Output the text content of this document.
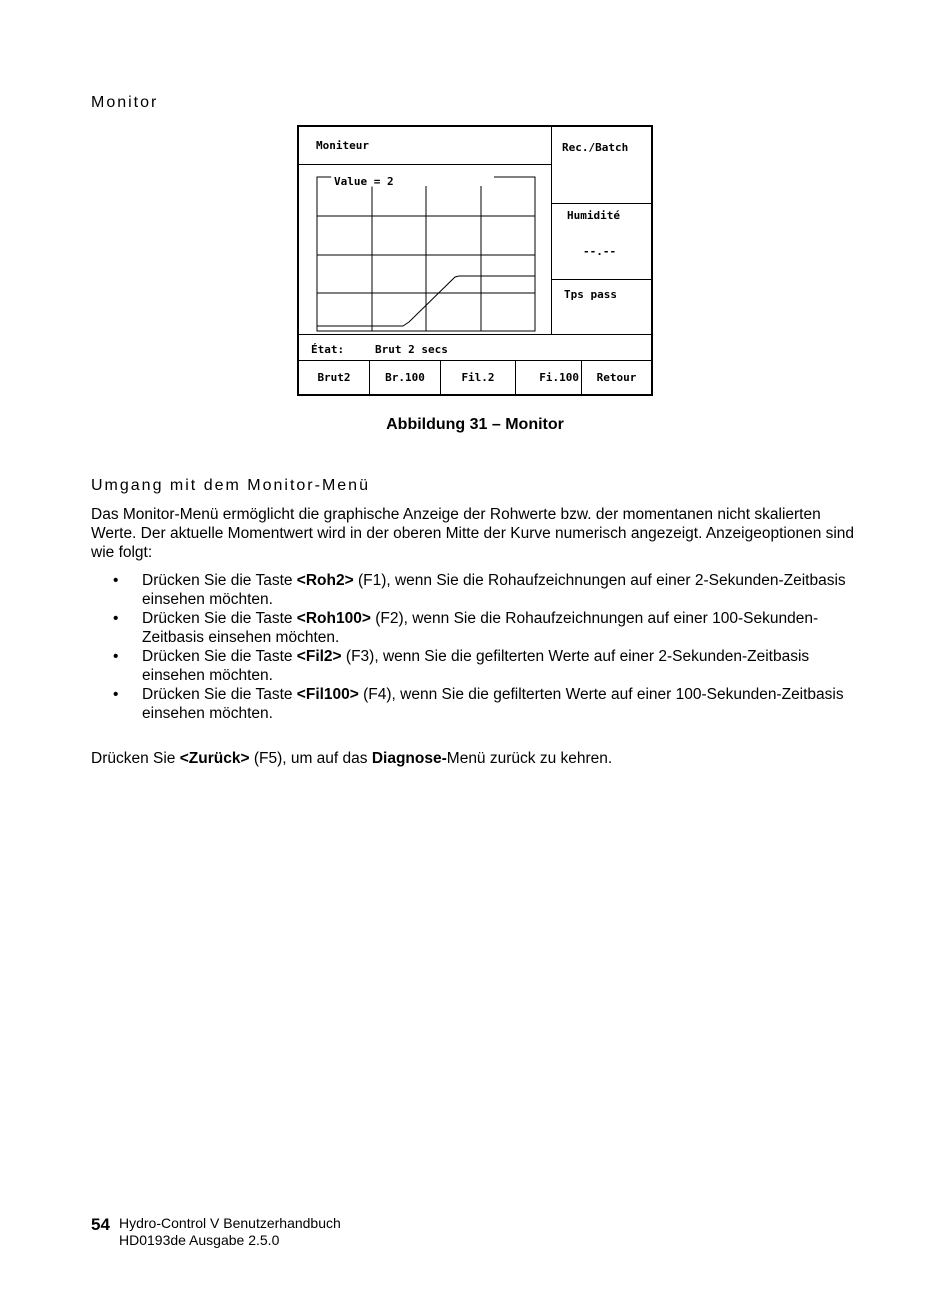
Monitor
Moniteur	Rec./Batch
Humidité
--.--
Tps pass
Value = 2
État:	Brut 2 secs
Brut2	Br.100	Fil.2	Fi.100	Retour
Abbildung 31 – Monitor
Umgang mit dem Monitor-Menü

Das Monitor-Menü ermöglicht die graphische Anzeige der Rohwerte bzw. der momentanen nicht skalierten Werte. Der aktuelle Momentwert wird in der oberen Mitte der Kurve numerisch angezeigt. Anzeigeoptionen sind wie folgt:

• Drücken Sie die Taste <Roh2> (F1), wenn Sie die Rohaufzeichnungen auf einer 2-Sekunden-Zeitbasis einsehen möchten.
• Drücken Sie die Taste <Roh100> (F2), wenn Sie die Rohaufzeichnungen auf einer 100-Sekunden-Zeitbasis einsehen möchten.
• Drücken Sie die Taste <Fil2> (F3), wenn Sie die gefilterten Werte auf einer 2-Sekunden-Zeitbasis einsehen möchten.
• Drücken Sie die Taste <Fil100> (F4), wenn Sie die gefilterten Werte auf einer 100-Sekunden-Zeitbasis einsehen möchten.

Drücken Sie <Zurück> (F5), um auf das Diagnose-Menü zurück zu kehren.

54 Hydro-Control V Benutzerhandbuch
HD0193de Ausgabe 2.5.0
